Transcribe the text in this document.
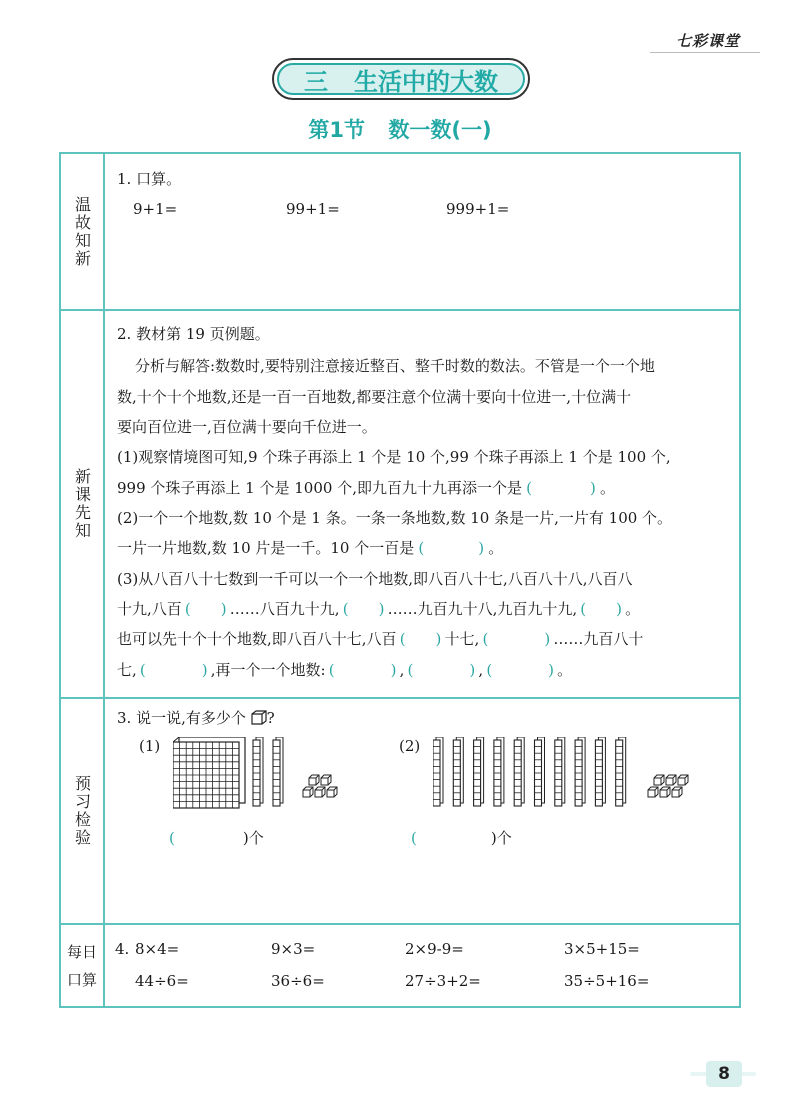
七彩课堂
三 生活中的大数
第1节 数一数(一)
温故知新
1. 口算。
9+1=	99+1=	999+1=
新课先知
2. 教材第 19 页例题。
分析与解答:数数时,要特别注意接近整百、整千时数的数法。不管是一个一个地
数,十个十个地数,还是一百一百地数,都要注意个位满十要向十位进一,十位满十
要向百位进一,百位满十要向千位进一。
(1)观察情境图可知,9 个珠子再添上 1 个是 10 个,99 个珠子再添上 1 个是 100 个,
999 个珠子再添上 1 个是 1000 个,即九百九十九再添一个是 (	) 。
(2)一个一个地数,数 10 个是 1 条。一条一条地数,数 10 条是一片,一片有 100 个。
一片一片地数,数 10 片是一千。10 个一百是 (	) 。
(3)从八百八十七数到一千可以一个一个地数,即八百八十七,八百八十八,八百八
十九,八百 ( ) ……八百九十九, ( ) ……九百九十八,九百九十九, ( ) 。
也可以先十个十个地数,即八百八十七,八百 ( ) 十七, (	) ……九百八十
七, (	) ,再一个一个地数: (	) , (	) , (	) 。
预习检验
3. 说一说,有多少个 ?
(1)	(2)
(	)个	(	)个
每日
口算
4. 8×4=	9×3=	2×9-9=	3×5+15=
44÷6=	36÷6=	27÷3+2=	35÷5+16=
8
